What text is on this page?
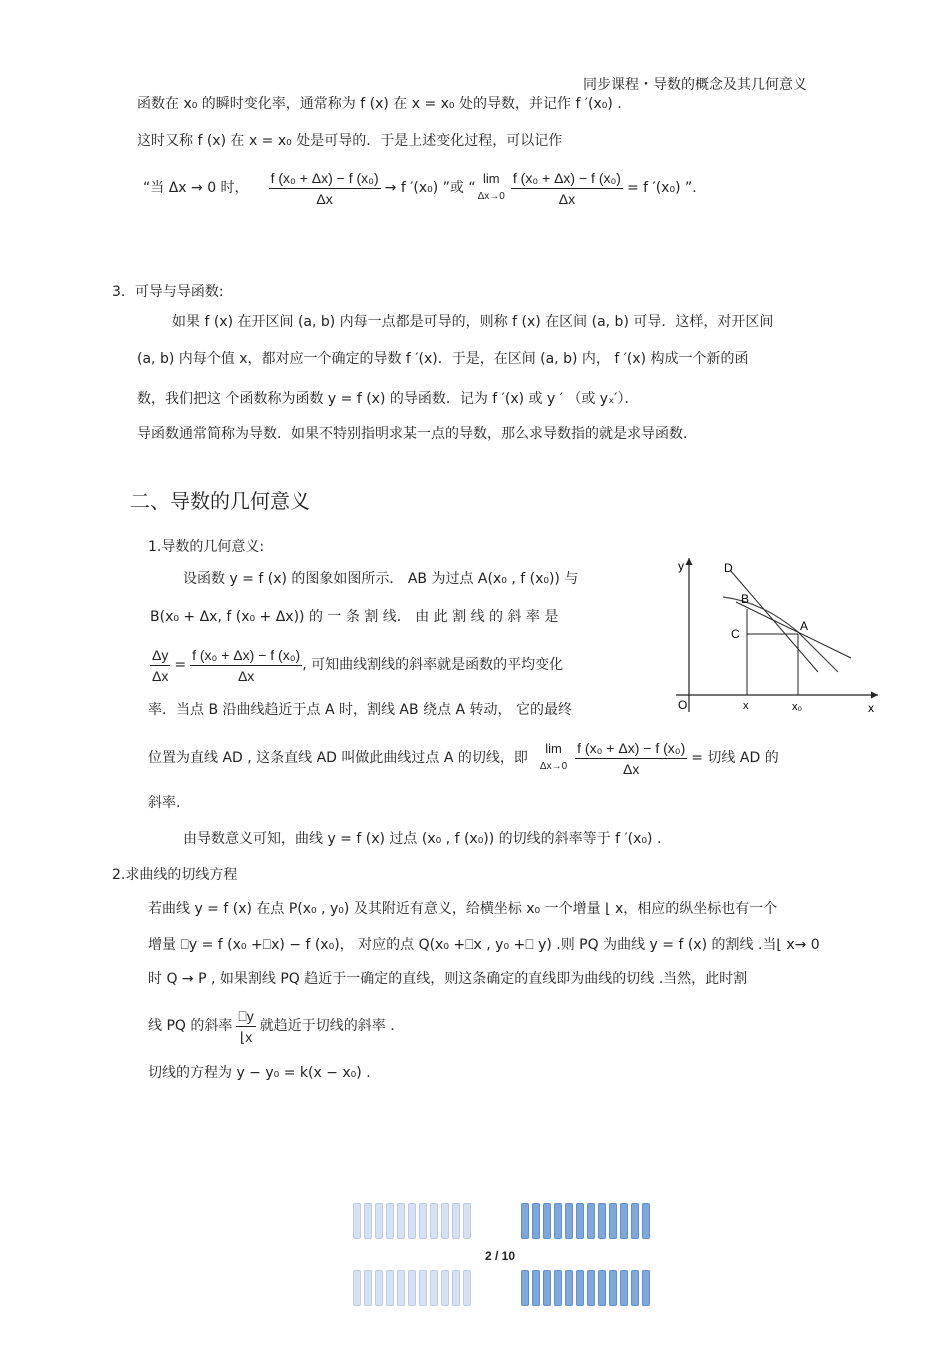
同步课程・导数的概念及其几何意义
函数在 x₀ 的瞬时变化率，通常称为 f (x) 在 x = x₀ 处的导数，并记作 f ′(x₀) .
这时又称 f (x) 在 x = x₀ 处是可导的．于是上述变化过程，可以记作
“当 Δx → 0 时， $\frac{\text{f (x₀ + Δx) − f (x₀)}}{\Delta x} \to f$ ′(x₀) ”或 “
lim
$\Delta x\to 0 \frac{\text{f (x₀ + Δx) − f (x₀)}}{\Delta x} = f$ ′(x₀) ”.
3．可导与导函数:
如果 f (x) 在开区间 (a, b) 内每一点都是可导的，则称 f (x) 在区间 (a, b) 可导．这样，对开区间
(a, b) 内每个值 x，都对应一个确定的导数 f ′(x)．于是，在区间 (a, b) 内， f ′(x) 构成一个新的函
数，我们把这 个函数称为函数 y = f (x) 的导函数．记为 f ′(x) 或 y ′ （或 yₓ′）．
导函数通常简称为导数．如果不特别指明求某一点的导数，那么求导数指的就是求导函数．
二、导数的几何意义
1.导数的几何意义:
设函数 y = f (x) 的图象如图所示． AB 为过点 A(x₀ , f (x₀)) 与
B(x₀ + Δx, f (x₀ + Δx)) 的 一 条 割 线． 由 此 割 线 的 斜 率 是
$\frac{\Delta y}{\Delta x} = \frac{\text{f (x₀ + Δx) − f (x₀)}}{\Delta x}$ , 可知曲线割线的斜率就是函数的平均变化
率．当点 B 沿曲线趋近于点 A 时，割线 AB 绕点 A 转动， 它的最终
位置为直线 AD , 这条直线 AD 叫做此曲线过点 A 的切线，即
lim
$\Delta x\to 0 \frac{\text{f (x₀ + Δx) − f (x₀)}}{\Delta x}$ = 切线 AD 的
斜率.
由导数意义可知，曲线 y = f (x) 过点 (x₀ , f (x₀)) 的切线的斜率等于 f ′(x₀) .
y
x
O
D
B
C
A
x	x₀
2.求曲线的切线方程
若曲线 y = f (x) 在点 P(x₀ , y₀) 及其附近有意义，给横坐标 x₀ 一个增量 ⌊ x，相应的纵坐标也有一个
增量 ⎕y = f (x₀ +⎕x) − f (x₀)， 对应的点 Q(x₀ +⎕x , y₀ +⎕ y) .则 PQ 为曲线 y = f (x) 的割线 .当⌊ x→ 0
时 Q → P , 如果割线 PQ 趋近于一确定的直线，则这条确定的直线即为曲线的切线 .当然，此时割
线 PQ 的斜率 $\frac{⎕y}{⌊x}$ 就趋近于切线的斜率 .
切线的方程为 y − y₀ = k(x − x₀) .
2 / 10
